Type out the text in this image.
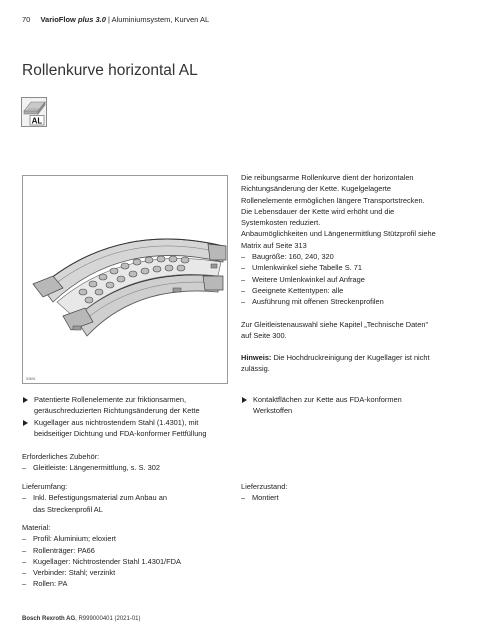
70 VarioFlow plus 3.0 | Aluminiumsystem, Kurven AL
Rollenkurve horizontal AL
AL
53891
Die reibungsarme Rollenkurve dient der horizontalen
Richtungsänderung der Kette. Kugelgelagerte
Rollenelemente ermöglichen längere Transportstrecken.
Die Lebensdauer der Kette wird erhöht und die
Systemkosten reduziert.
Anbaumöglichkeiten und Längenermittlung Stützprofil siehe
Matrix auf Seite 313
– Baugröße: 160, 240, 320
– Umlenkwinkel siehe Tabelle S. 71
– Weitere Umlenkwinkel auf Anfrage
– Geeignete Kettentypen: alle
– Ausführung mit offenen Streckenprofilen
Zur Gleitleistenauswahl siehe Kapitel „Technische Daten"
auf Seite 300.
Hinweis: Die Hochdruckreinigung der Kugellager ist nicht
zulässig.
Patentierte Rollenelemente zur friktionsarmen,
geräuschreduzierten Richtungsänderung der Kette
Kugellager aus nichtrostendem Stahl (1.4301), mit
beidseitiger Dichtung und FDA-konformer Fettfüllung
Kontaktflächen zur Kette aus FDA-konformen
Werkstoffen
Erforderliches Zubehör:
– Gleitleiste: Längenermittlung, s. S. 302
Lieferumfang:
– Inkl. Befestigungsmaterial zum Anbau an
das Streckenprofil AL
Lieferzustand:
– Montiert
Material:
– Profil: Aluminium; eloxiert
– Rollenträger: PA66
– Kugellager: Nichtrostender Stahl 1.4301/FDA
– Verbinder: Stahl; verzinkt
– Rollen: PA
Bosch Rexroth AG, R999000401 (2021-01)
